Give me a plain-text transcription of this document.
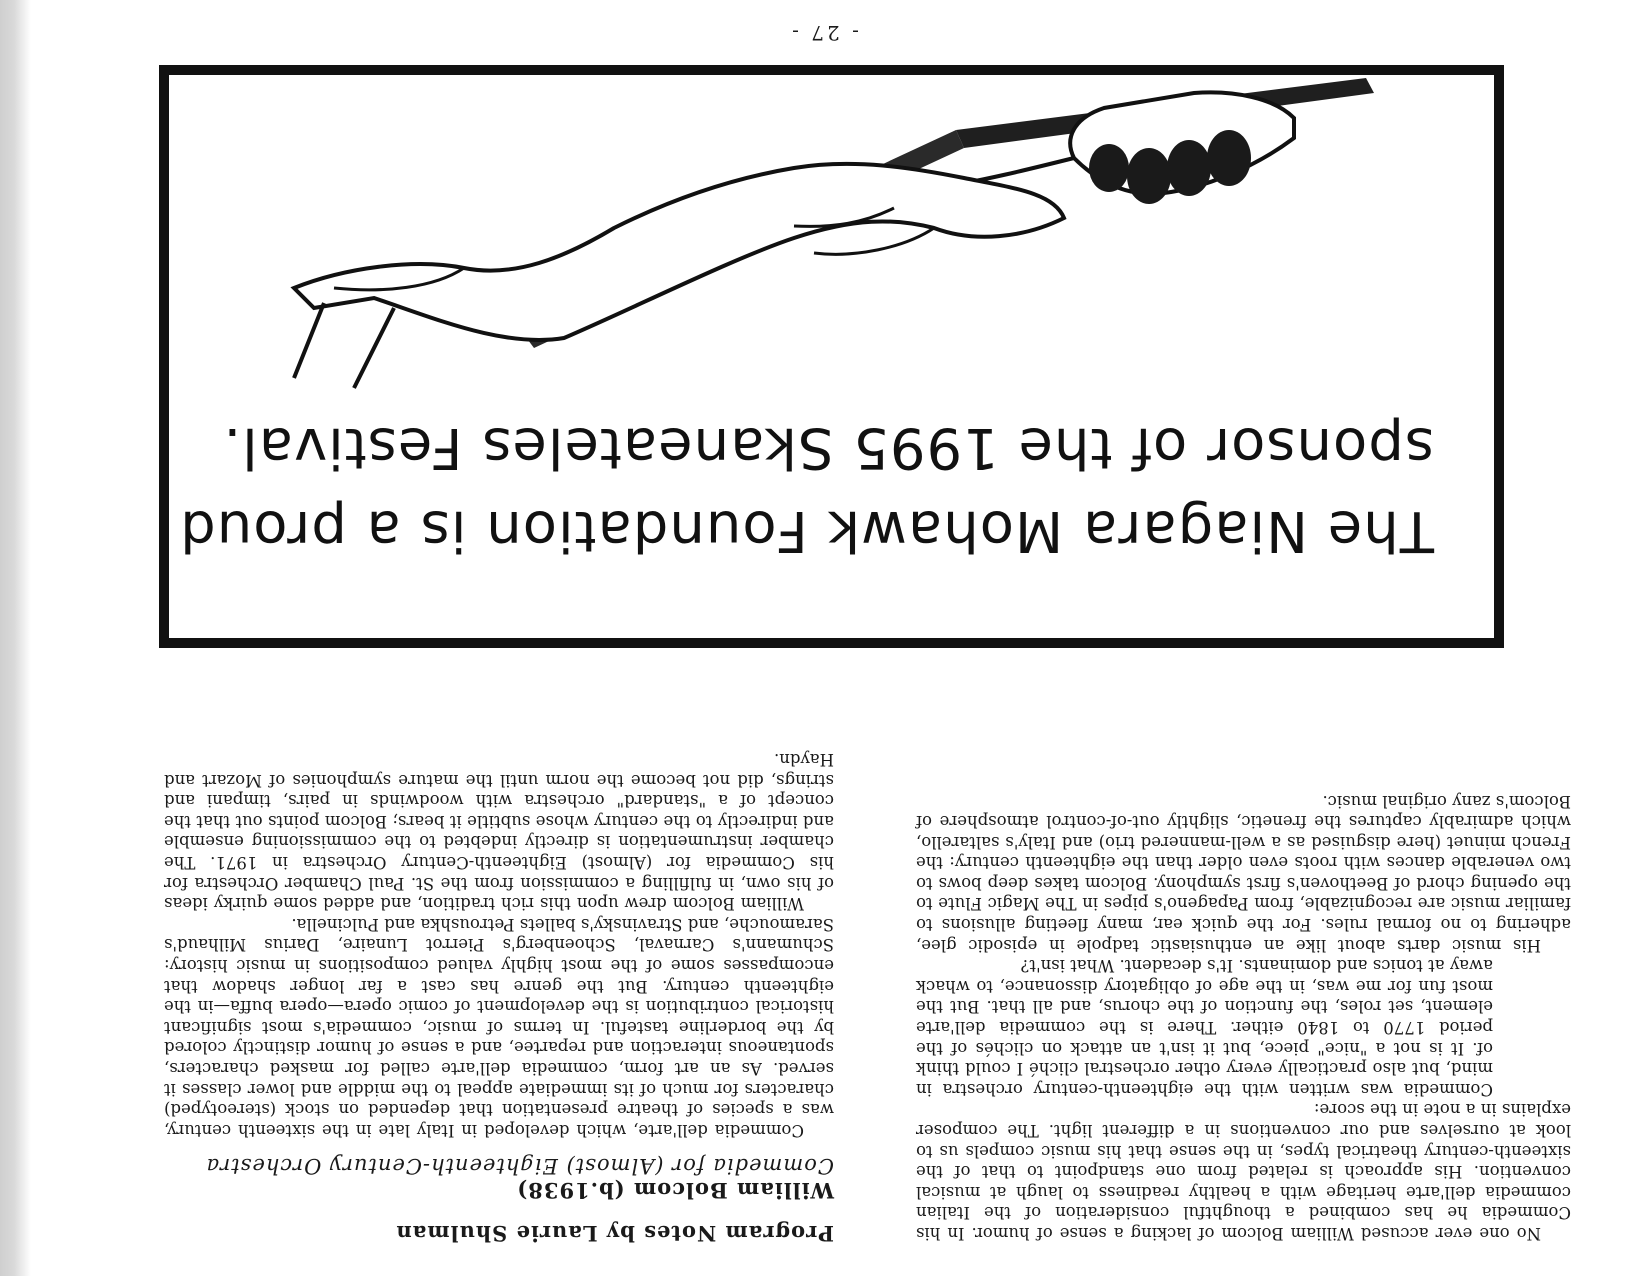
- 27 -
The Niagara Mohawk Foundation is a proud
sponsor of the 1995 Skaneateles Festival.
Program Notes by Laurie Shulman
William Bolcom (b.1938)
Commedia for (Almost) Eighteenth-Century Orchestra

Commedia dell'arte, which developed in Italy late in the sixteenth century, was a species of theatre presentation that depended on stock (stereotyped) characters for much of its immediate appeal to the middle and lower classes it served. As an art form, commedia dell'arte called for masked characters, spontaneous interaction and repartee, and a sense of humor distinctly colored by the borderline tasteful. In terms of music, commedia's most significant historical contribution is the development of comic opera—opera buffa—in the eighteenth century. But the genre has cast a far longer shadow that encompasses some of the most highly valued compositions in music history: Schumann's Carnaval, Schoenberg's Pierrot Lunaire, Darius Milhaud's Saramouche, and Stravinsky's ballets Petroushka and Pulcinella.

William Bolcom drew upon this rich tradition, and added some quirky ideas of his own, in fulfilling a commission from the St. Paul Chamber Orchestra for his Commedia for (Almost) Eighteenth-Century Orchestra in 1971. The chamber instrumentation is directly indebted to the commissioning ensemble and indirectly to the century whose subtitle it bears; Bolcom points out that the concept of a "standard" orchestra with woodwinds in pairs, timpani and strings, did not become the norm until the mature symphonies of Mozart and Haydn.

No one ever accused William Bolcom of lacking a sense of humor. In his Commedia he has combined a thoughtful consideration of the Italian commedia dell'arte heritage with a healthy readiness to laugh at musical convention. His approach is related from one standpoint to that of the sixteenth-century theatrical types, in the sense that his music compels us to look at ourselves and our conventions in a different light. The composer explains in a note in the score:

Commedia was written with the eighteenth-century orchestra in mind, but also practically every other orchestral cliché I could think of. It is not a "nice" piece, but it isn't an attack on clichés of the period 1770 to 1840 either. There is the commedia dell'arte element, set roles, the function of the chorus, and all that. But the most fun for me was, in the age of obligatory dissonance, to whack away at tonics and dominants. It's decadent. What isn't?

His music darts about like an enthusiastic tadpole in episodic glee, adhering to no formal rules. For the quick ear, many fleeting allusions to familiar music are recognizable, from Papageno's pipes in The Magic Flute to the opening chord of Beethoven's first symphony. Bolcom takes deep bows to two venerable dances with roots even older than the eighteenth century: the French minuet (here disguised as a well-mannered trio) and Italy's saltarello, which admirably captures the frenetic, slightly out-of-control atmosphere of Bolcom's zany original music.
